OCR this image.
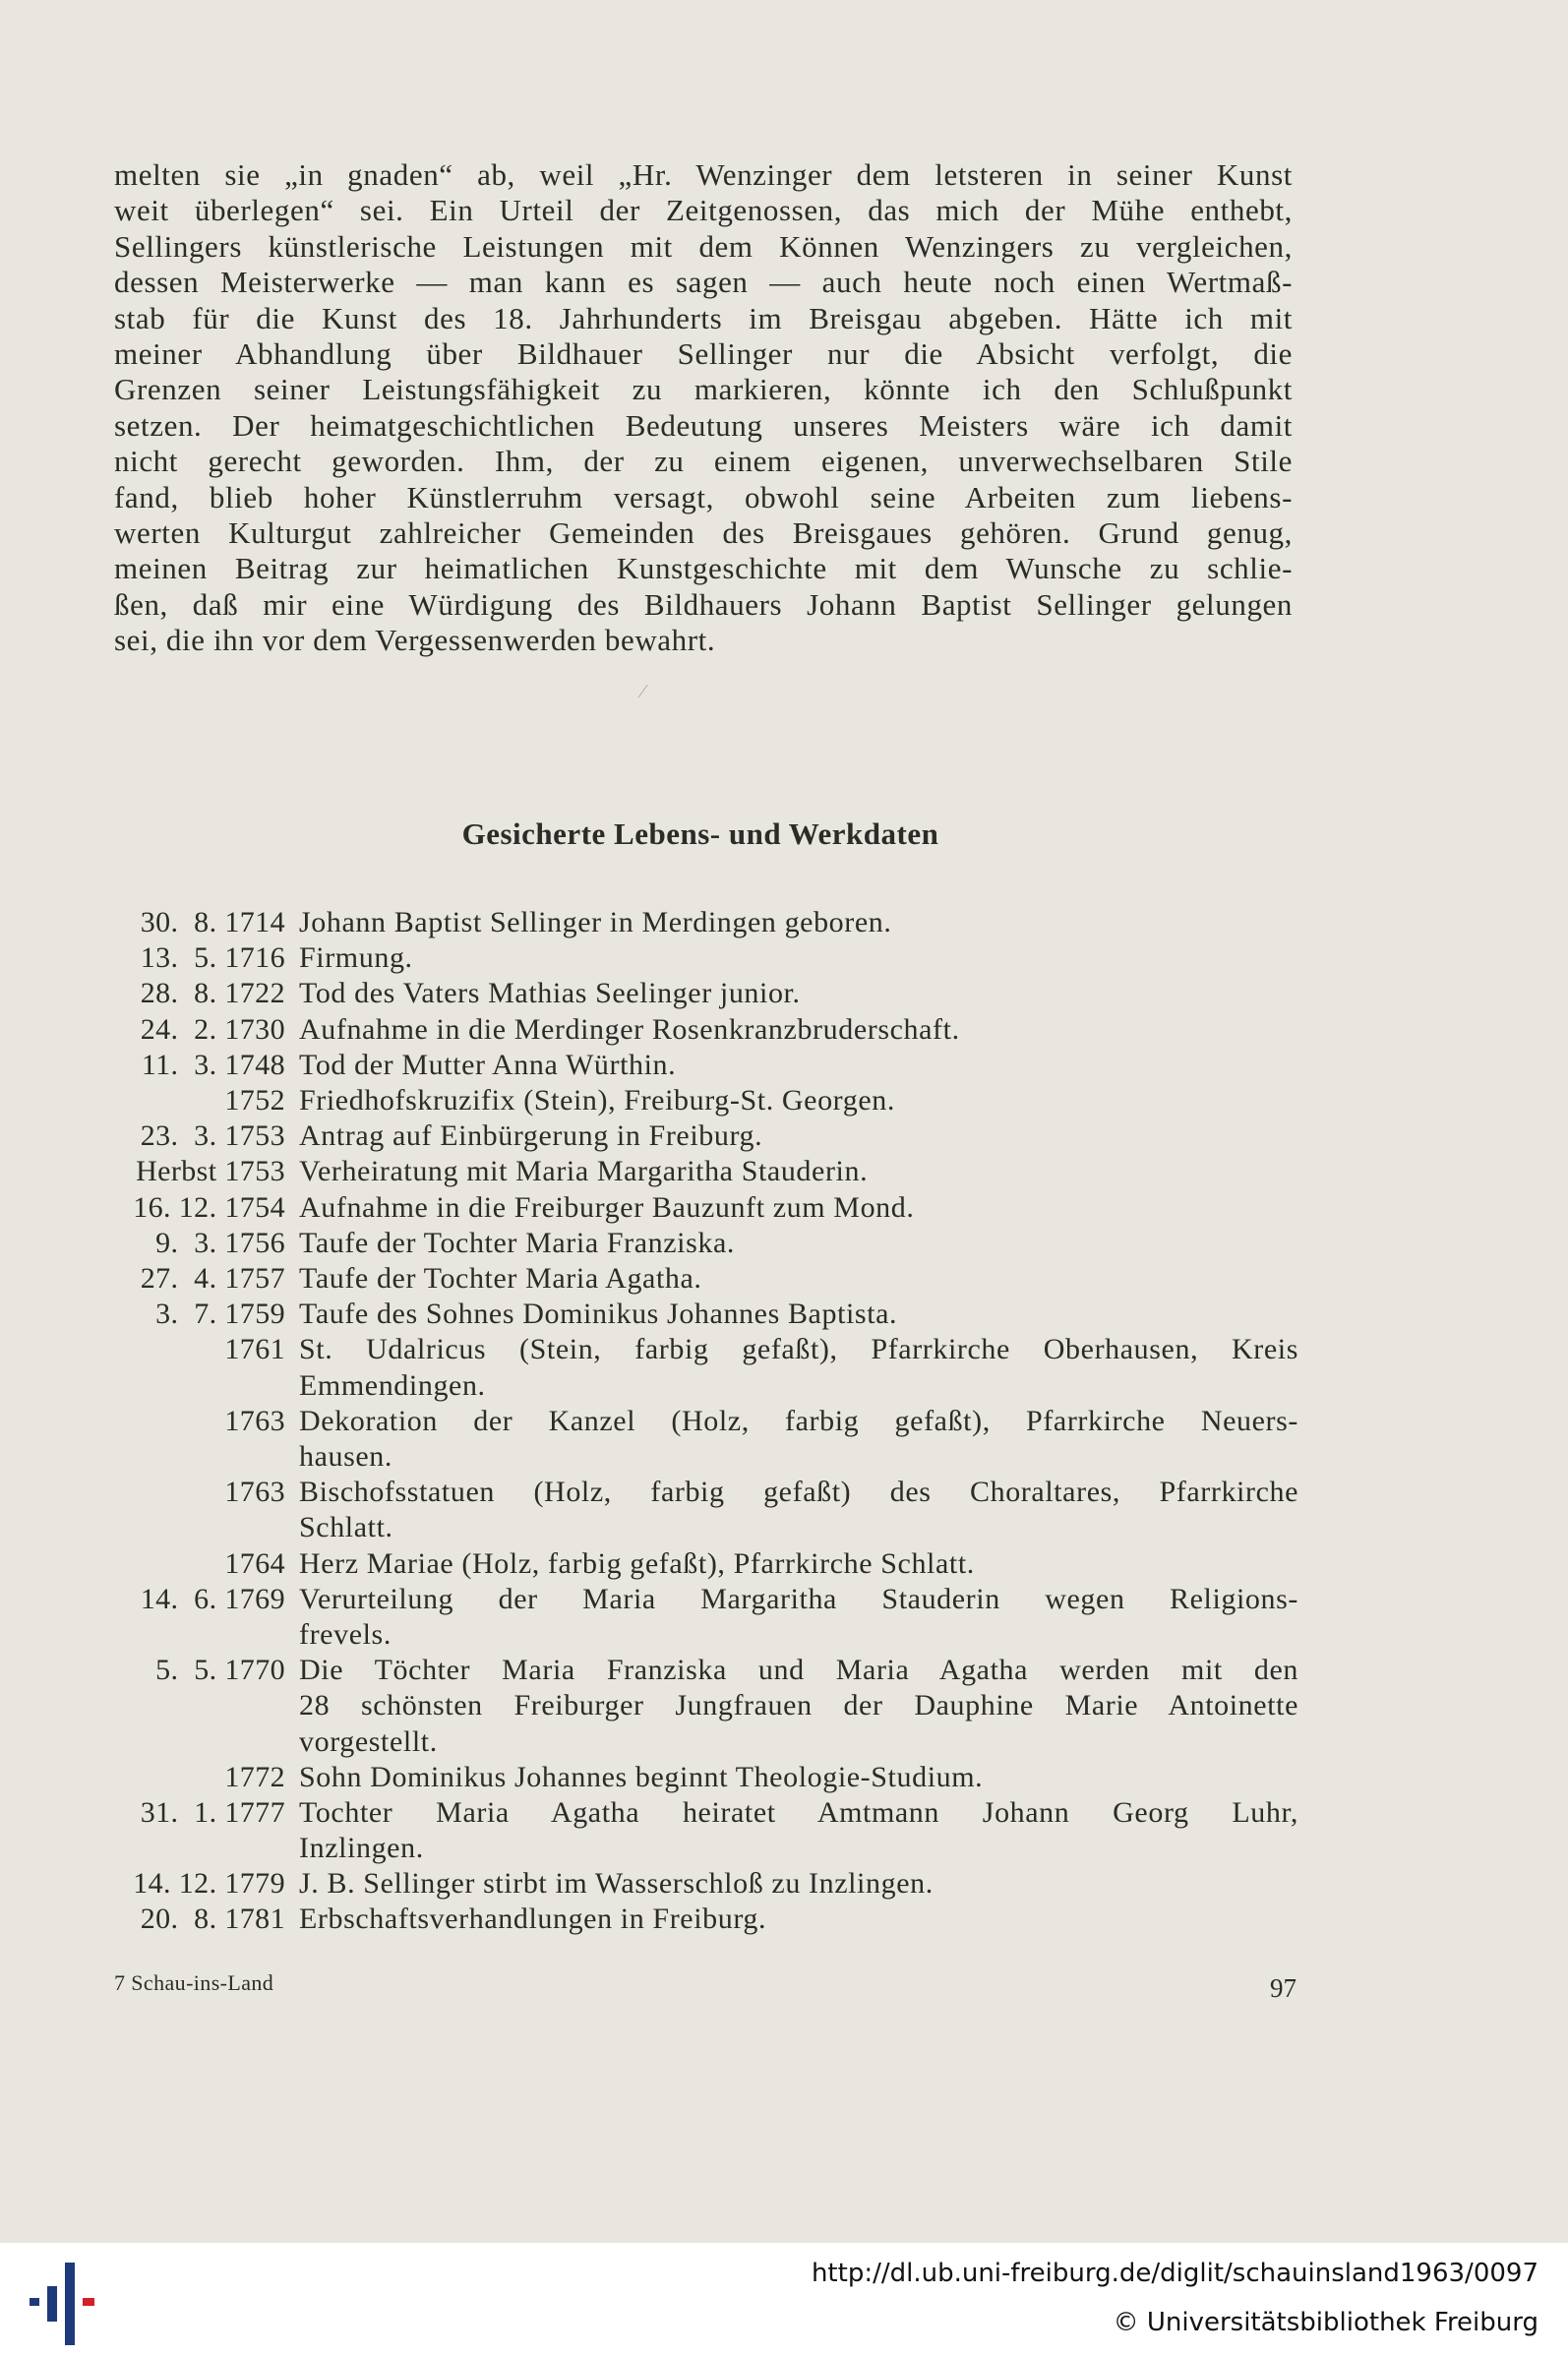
melten sie „in gnaden“ ab, weil „Hr. Wenzinger dem letsteren in seiner Kunst
weit überlegen“ sei. Ein Urteil der Zeitgenossen, das mich der Mühe enthebt,
Sellingers künstlerische Leistungen mit dem Können Wenzingers zu vergleichen,
dessen Meisterwerke — man kann es sagen — auch heute noch einen Wertmaß-
stab für die Kunst des 18. Jahrhunderts im Breisgau abgeben. Hätte ich mit
meiner Abhandlung über Bildhauer Sellinger nur die Absicht verfolgt, die
Grenzen seiner Leistungsfähigkeit zu markieren, könnte ich den Schlußpunkt
setzen. Der heimatgeschichtlichen Bedeutung unseres Meisters wäre ich damit
nicht gerecht geworden. Ihm, der zu einem eigenen, unverwechselbaren Stile
fand, blieb hoher Künstlerruhm versagt, obwohl seine Arbeiten zum liebens-
werten Kulturgut zahlreicher Gemeinden des Breisgaues gehören. Grund genug,
meinen Beitrag zur heimatlichen Kunstgeschichte mit dem Wunsche zu schlie-
ßen, daß mir eine Würdigung des Bildhauers Johann Baptist Sellinger gelungen
sei, die ihn vor dem Vergessenwerden bewahrt.
⁄
Gesicherte Lebens- und Werkdaten
30.  8. 1714 Johann Baptist Sellinger in Merdingen geboren.
13.  5. 1716 Firmung.
28.  8. 1722 Tod des Vaters Mathias Seelinger junior.
24.  2. 1730 Aufnahme in die Merdinger Rosenkranzbruderschaft.
11.  3. 1748 Tod der Mutter Anna Würthin.
1752 Friedhofskruzifix (Stein), Freiburg-St. Georgen.
23.  3. 1753 Antrag auf Einbürgerung in Freiburg.
Herbst 1753 Verheiratung mit Maria Margaritha Stauderin.
16. 12. 1754 Aufnahme in die Freiburger Bauzunft zum Mond.
9.  3. 1756 Taufe der Tochter Maria Franziska.
27.  4. 1757 Taufe der Tochter Maria Agatha.
3.  7. 1759 Taufe des Sohnes Dominikus Johannes Baptista.
1761 St. Udalricus (Stein, farbig gefaßt), Pfarrkirche Oberhausen, Kreis
Emmendingen.
1763 Dekoration der Kanzel (Holz, farbig gefaßt), Pfarrkirche Neuers-
hausen.
1763 Bischofsstatuen (Holz, farbig gefaßt) des Choraltares, Pfarrkirche
Schlatt.
1764 Herz Mariae (Holz, farbig gefaßt), Pfarrkirche Schlatt.
14.  6. 1769 Verurteilung der Maria Margaritha Stauderin wegen Religions-
frevels.
5.  5. 1770 Die Töchter Maria Franziska und Maria Agatha werden mit den
28 schönsten Freiburger Jungfrauen der Dauphine Marie Antoinette
vorgestellt.
1772 Sohn Dominikus Johannes beginnt Theologie-Studium.
31.  1. 1777 Tochter Maria Agatha heiratet Amtmann Johann Georg Luhr,
Inzlingen.
14. 12. 1779 J. B. Sellinger stirbt im Wasserschloß zu Inzlingen.
20.  8. 1781 Erbschaftsverhandlungen in Freiburg.
7 Schau-ins-Land	97
http://dl.ub.uni-freiburg.de/diglit/schauinsland1963/0097
© Universitätsbibliothek Freiburg
